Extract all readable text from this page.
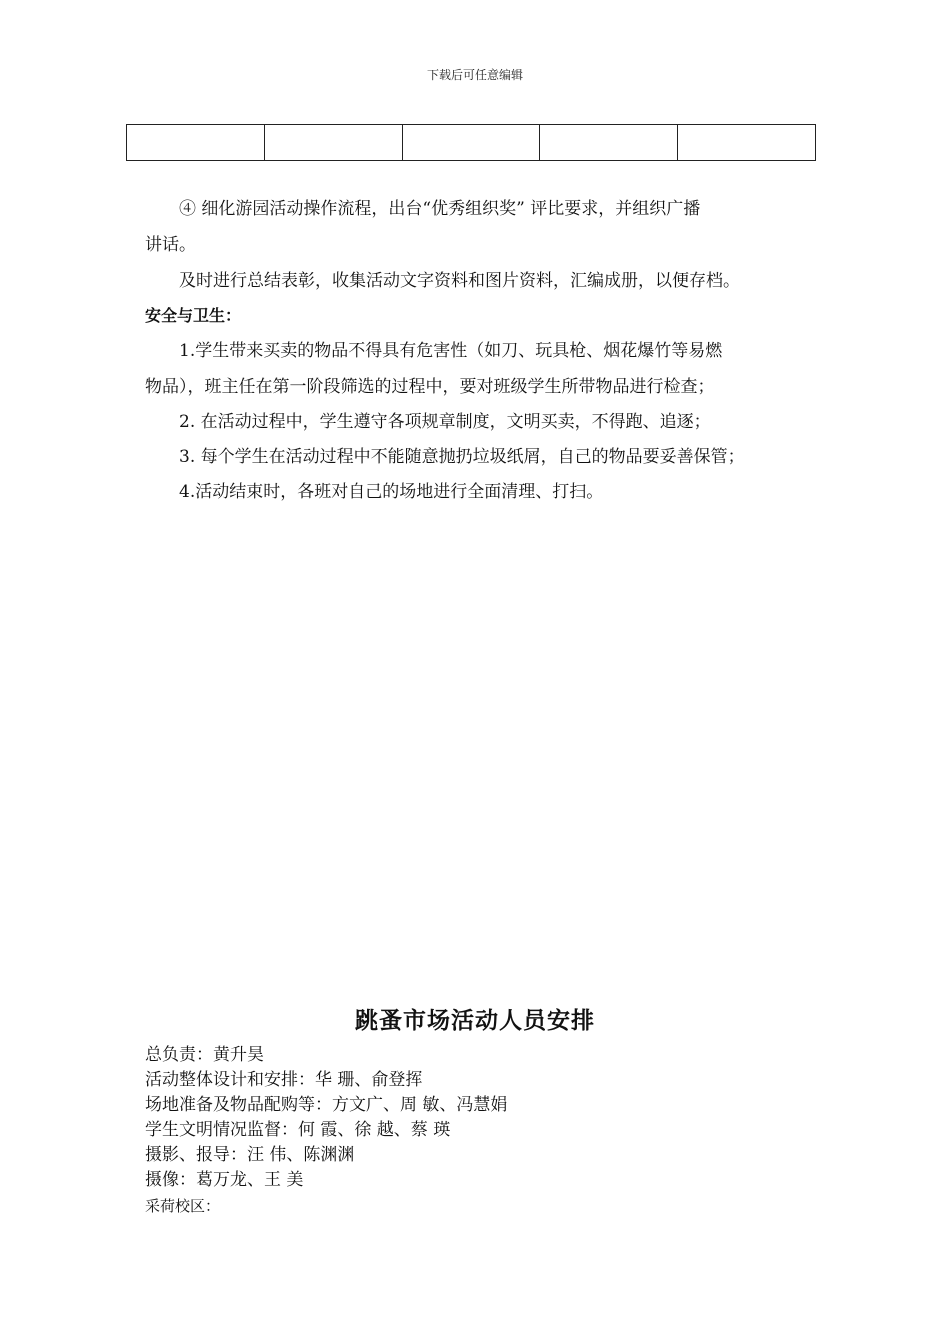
下载后可任意编辑

④ 细化游园活动操作流程，出台“优秀组织奖” 评比要求，并组织广播

讲话。

及时进行总结表彰，收集活动文字资料和图片资料，汇编成册，以便存档。

安全与卫生：

1.学生带来买卖的物品不得具有危害性（如刀、玩具枪、烟花爆竹等易燃

物品），班主任在第一阶段筛选的过程中，要对班级学生所带物品进行检查；

2. 在活动过程中，学生遵守各项规章制度，文明买卖，不得跑、追逐；

3. 每个学生在活动过程中不能随意抛扔垃圾纸屑，自己的物品要妥善保管；

4.活动结束时，各班对自己的场地进行全面清理、打扫。

跳蚤市场活动人员安排
总负责：黄升昊
活动整体设计和安排：华 珊、俞登挥
场地准备及物品配购等：方文广、周 敏、冯慧娟
学生文明情况监督：何 霞、徐 越、蔡 瑛
摄影、报导：汪 伟、陈渊渊
摄像：葛万龙、王 美
采荷校区：
